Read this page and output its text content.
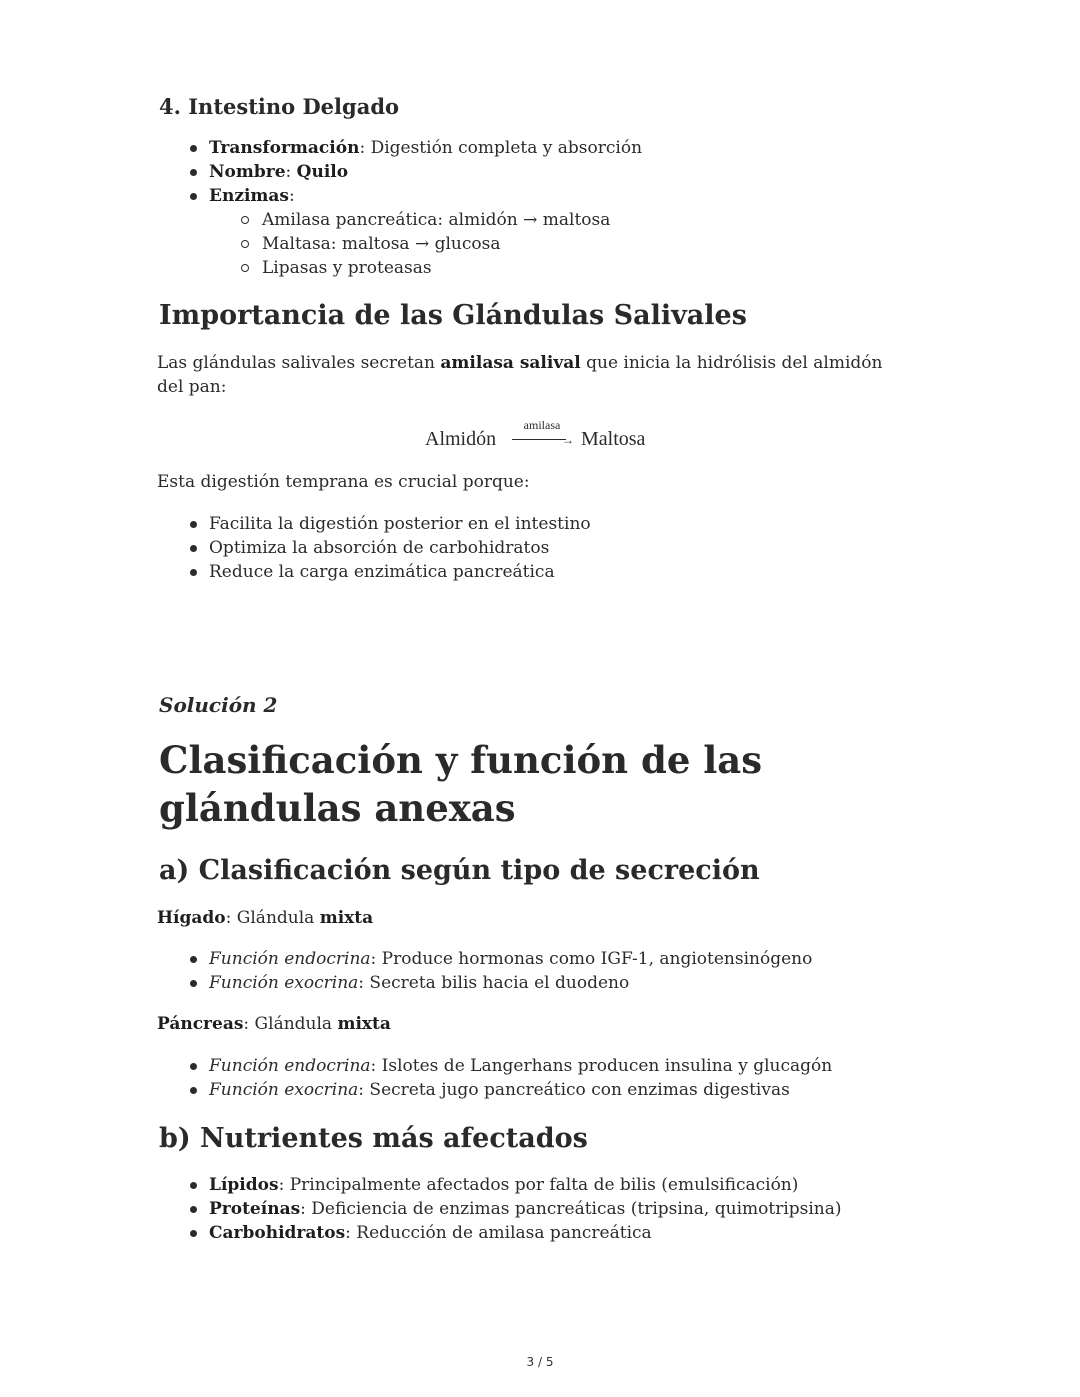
4. Intestino Delgado
Transformación: Digestión completa y absorción
Nombre: Quilo
Enzimas:
Amilasa pancreática: almidón → maltosa
Maltasa: maltosa → glucosa
Lipasas y proteasas
Importancia de las Glándulas Salivales
Las glándulas salivales secretan amilasa salival que inicia la hidrólisis del almidón del pan:
Almidón
amilasa
→ Maltosa
Esta digestión temprana es crucial porque:
Facilita la digestión posterior en el intestino
Optimiza la absorción de carbohidratos
Reduce la carga enzimática pancreática
Solución 2
Clasificación y función de las glándulas anexas
a) Clasificación según tipo de secreción
Hígado: Glándula mixta
Función endocrina: Produce hormonas como IGF-1, angiotensinógeno
Función exocrina: Secreta bilis hacia el duodeno
Páncreas: Glándula mixta
Función endocrina: Islotes de Langerhans producen insulina y glucagón
Función exocrina: Secreta jugo pancreático con enzimas digestivas
b) Nutrientes más afectados
Lípidos: Principalmente afectados por falta de bilis (emulsificación)
Proteínas: Deficiencia de enzimas pancreáticas (tripsina, quimotripsina)
Carbohidratos: Reducción de amilasa pancreática
3 / 5
